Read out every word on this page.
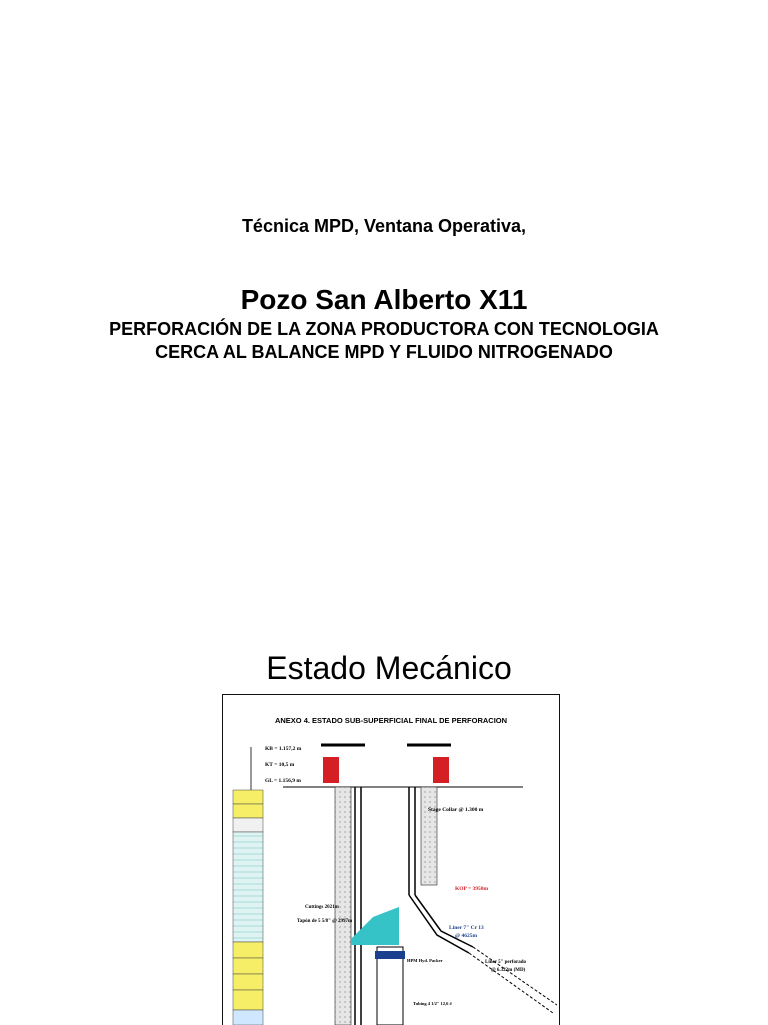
Técnica MPD, Ventana Operativa,
Pozo San Alberto X11
PERFORACIÓN DE LA ZONA PRODUCTORA CON TECNOLOGIA
CERCA AL BALANCE MPD Y FLUIDO NITROGENADO
Estado Mecánico
ANEXO 4. ESTADO SUB-SUPERFICIAL FINAL DE PERFORACION
KB = 1.157,2 m
KT = 10,5 m
GL = 1.156,9 m
Stage Collar @ 1.300 m
KOP = 3950m
Liner 7" Cr 13
@ 4625m
Liner 5" perforado
@ 6.322m (MD)
Cuttings 2021m
Tapón de 5 5/8" @ 2997m
HPM Hyd. Packer
Tubing 4 1/2" 12,6 #
